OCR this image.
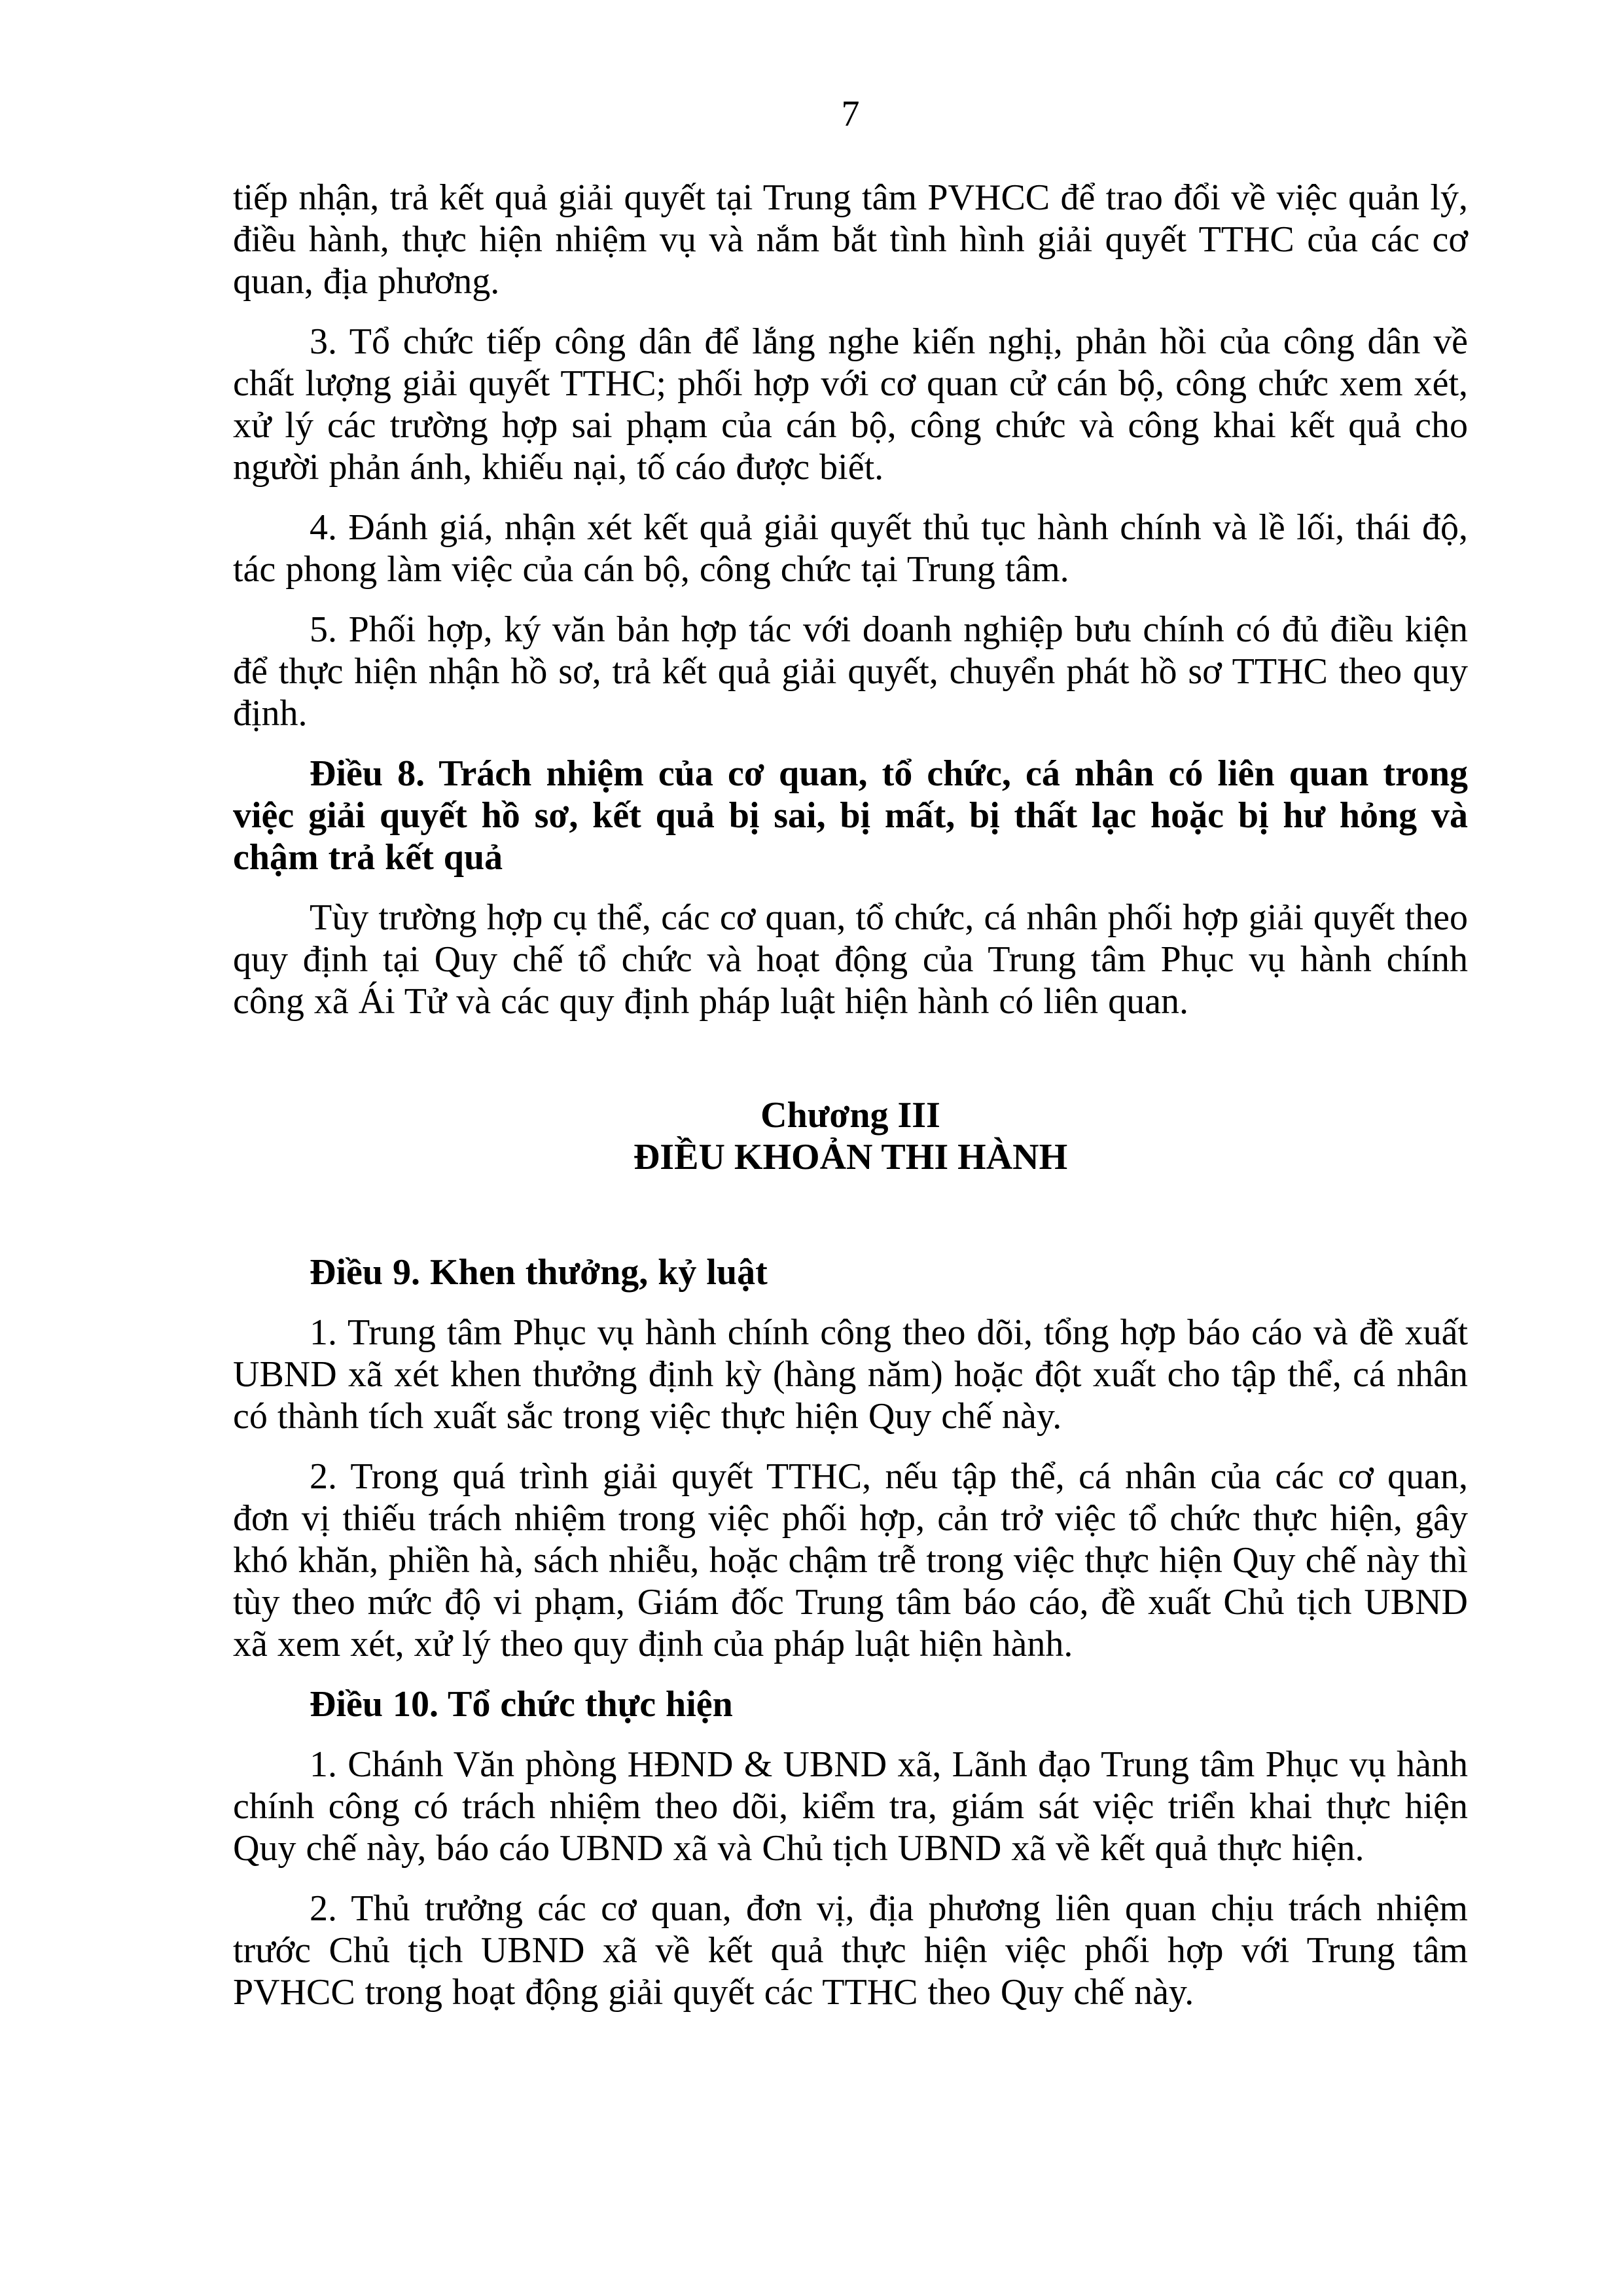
7

tiếp nhận, trả kết quả giải quyết tại Trung tâm PVHCC để trao đổi về việc quản lý, điều hành, thực hiện nhiệm vụ và nắm bắt tình hình giải quyết TTHC của các cơ quan, địa phương.

3. Tổ chức tiếp công dân để lắng nghe kiến nghị, phản hồi của công dân về chất lượng giải quyết TTHC; phối hợp với cơ quan cử cán bộ, công chức xem xét, xử lý các trường hợp sai phạm của cán bộ, công chức và công khai kết quả cho người phản ánh, khiếu nại, tố cáo được biết.

4. Đánh giá, nhận xét kết quả giải quyết thủ tục hành chính và lề lối, thái độ, tác phong làm việc của cán bộ, công chức tại Trung tâm.

5. Phối hợp, ký văn bản hợp tác với doanh nghiệp bưu chính có đủ điều kiện để thực hiện nhận hồ sơ, trả kết quả giải quyết, chuyển phát hồ sơ TTHC theo quy định.

Điều 8. Trách nhiệm của cơ quan, tổ chức, cá nhân có liên quan trong việc giải quyết hồ sơ, kết quả bị sai, bị mất, bị thất lạc hoặc bị hư hỏng và chậm trả kết quả

Tùy trường hợp cụ thể, các cơ quan, tổ chức, cá nhân phối hợp giải quyết theo quy định tại Quy chế tổ chức và hoạt động của Trung tâm Phục vụ hành chính công xã Ái Tử và các quy định pháp luật hiện hành có liên quan.

Chương III

ĐIỀU KHOẢN THI HÀNH

Điều 9. Khen thưởng, kỷ luật

1. Trung tâm Phục vụ hành chính công theo dõi, tổng hợp báo cáo và đề xuất UBND xã xét khen thưởng định kỳ (hàng năm) hoặc đột xuất cho tập thể, cá nhân có thành tích xuất sắc trong việc thực hiện Quy chế này.

2. Trong quá trình giải quyết TTHC, nếu tập thể, cá nhân của các cơ quan, đơn vị thiếu trách nhiệm trong việc phối hợp, cản trở việc tổ chức thực hiện, gây khó khăn, phiền hà, sách nhiễu, hoặc chậm trễ trong việc thực hiện Quy chế này thì tùy theo mức độ vi phạm, Giám đốc Trung tâm báo cáo, đề xuất Chủ tịch UBND xã xem xét, xử lý theo quy định của pháp luật hiện hành.

Điều 10. Tổ chức thực hiện

1. Chánh Văn phòng HĐND & UBND xã, Lãnh đạo Trung tâm Phục vụ hành chính công có trách nhiệm theo dõi, kiểm tra, giám sát việc triển khai thực hiện Quy chế này, báo cáo UBND xã và Chủ tịch UBND xã về kết quả thực hiện.

2. Thủ trưởng các cơ quan, đơn vị, địa phương liên quan chịu trách nhiệm trước Chủ tịch UBND xã về kết quả thực hiện việc phối hợp với Trung tâm PVHCC trong hoạt động giải quyết các TTHC theo Quy chế này.
